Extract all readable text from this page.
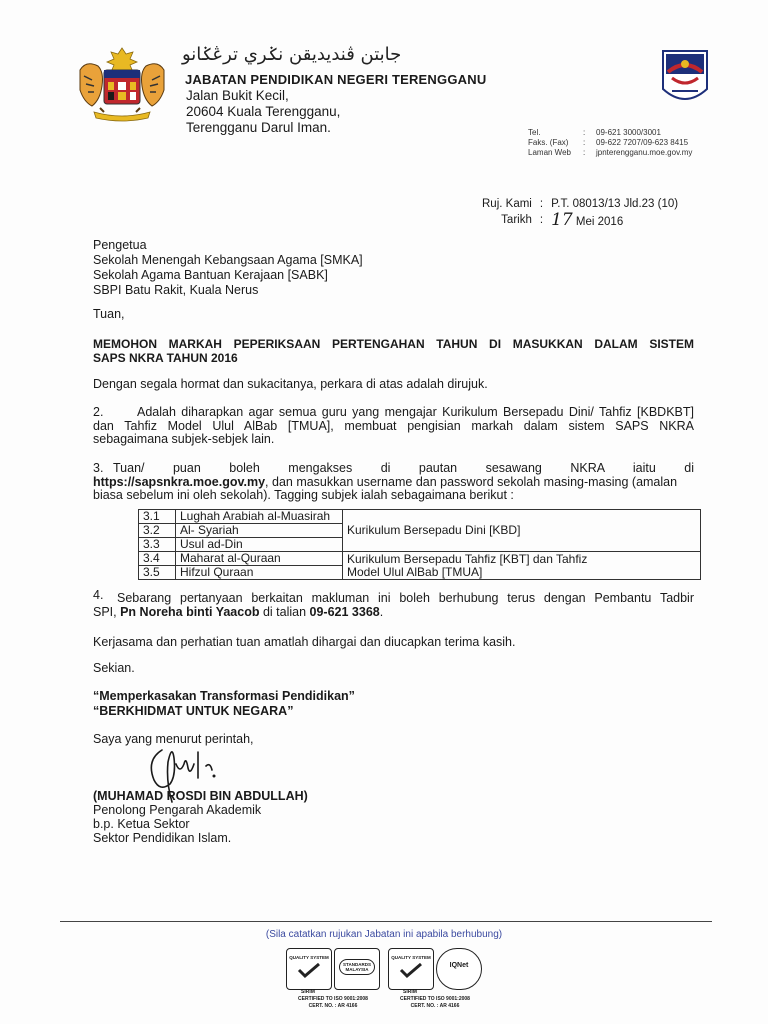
جابتن ڤنديديقن نݢري ترڠݢانو
JABATAN PENDIDIKAN NEGERI TERENGGANU
Jalan Bukit Kecil,
20604 Kuala Terengganu,
Terengganu Darul Iman.	Tel.	:	09-621 3000/3001
Faks. (Fax)	:	09-622 7207/09-623 8415
Laman Web	:	jpnterengganu.moe.gov.my
Ruj. Kami	:	P.T. 08013/13 Jld.23 (10)
Tarikh	:	17 Mei 2016
Pengetua
Sekolah Menengah Kebangsaan Agama [SMKA]
Sekolah Agama Bantuan Kerajaan [SABK]
SBPI Batu Rakit, Kuala Nerus
Tuan,
MEMOHON MARKAH PEPERIKSAAN PERTENGAHAN TAHUN DI MASUKKAN DALAM SISTEM
SAPS NKRA TAHUN 2016
Dengan segala hormat dan sukacitanya, perkara di atas adalah dirujuk.
2.	Adalah diharapkan agar semua guru yang mengajar Kurikulum Bersepadu Dini/ Tahfiz [KBDKBT]
dan Tahfiz Model Ulul AlBab [TMUA], membuat pengisian markah dalam sistem SAPS NKRA
sebagaimana subjek-sebjek lain.
3. Tuan/       puan       boleh       mengakses       di       pautan       sesawang       NKRA       iaitu       di
https://sapsnkra.moe.gov.my, dan masukkan username dan password sekolah masing-masing (amalan
biasa sebelum ini oleh sekolah). Tagging subjek ialah sebagaimana berikut :
3.1	Lughah Arabiah al-Muasirah	Kurikulum Bersepadu Dini [KBD]
3.2	Al- Syariah	
3.3	Usul ad-Din	
3.4	Maharat al-Quraan	Kurikulum Bersepadu Tahfiz [KBT] dan Tahfiz
Model Ulul AlBab [TMUA]

3.5	Hifzul Quraan	
4. Sebarang pertanyaan berkaitan makluman ini boleh berhubung terus dengan Pembantu Tadbir
SPI, Pn Noreha binti Yaacob di talian 09-621 3368.
Kerjasama dan perhatian tuan amatlah dihargai dan diucapkan terima kasih.
Sekian.
“Memperkasakan Transformasi Pendidikan”
“BERKHIDMAT UNTUK NEGARA”
Saya yang menurut perintah,
(MUHAMAD ROSDI BIN ABDULLAH)
Penolong Pengarah Akademik
b.p. Ketua Sektor
Sektor Pendidikan Islam.
(Sila catatkan rujukan Jabatan ini apabila berhubung)
QUALITY SYSTEM
STANDARDS MALAYSIA
SIRIM
CERTIFIED TO ISO 9001:2008
CERT. NO. : AR 4166
QUALITY SYSTEM
IQNet
SIRIM
CERTIFIED TO ISO 9001:2008
CERT. NO. : AR 4166
